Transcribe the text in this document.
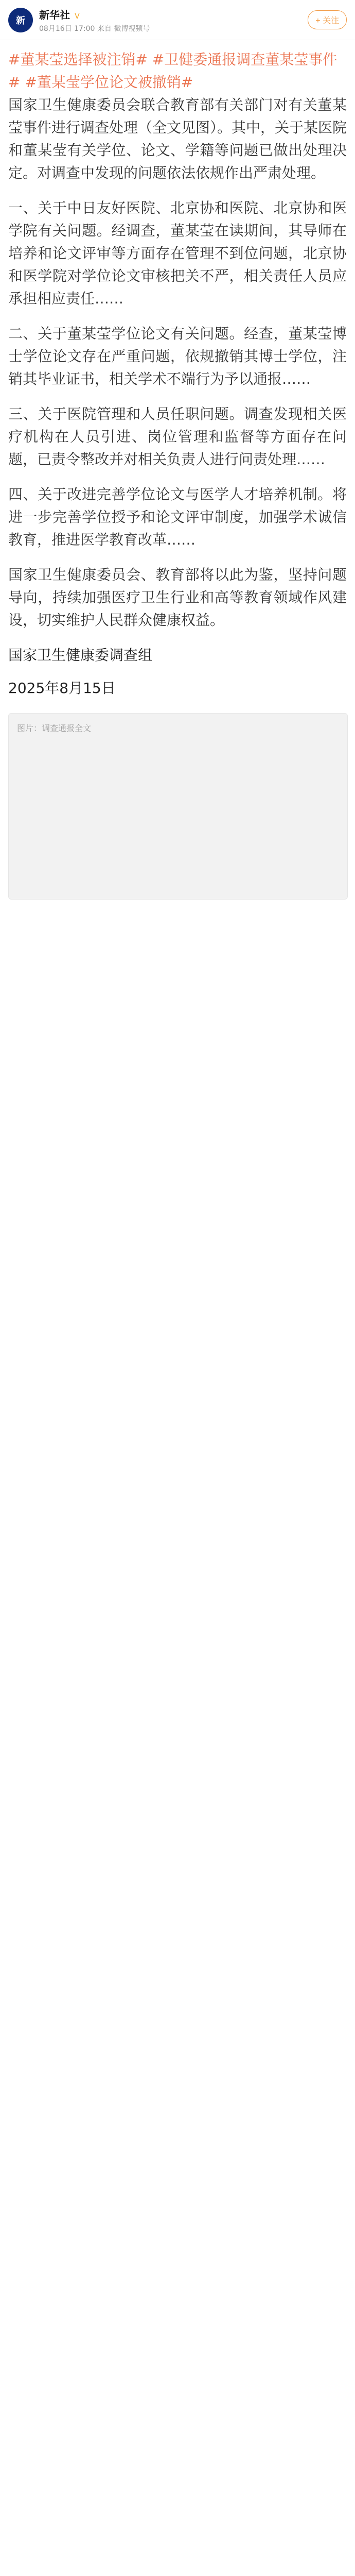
新	新华社 V
08月16日 17:00 来自 微博视频号
+ 关注
#董某莹选择被注销# #卫健委通报调查董某莹事件# #董某莹学位论文被撤销#

国家卫生健康委员会联合教育部有关部门对有关董某莹事件进行调查处理（全文见图）。其中，关于某医院和董某莹有关学位、论文、学籍等问题已做出处理决定。对调查中发现的问题依法依规作出严肃处理。

一、关于中日友好医院、北京协和医院、北京协和医学院有关问题。经调查，董某莹在读期间，其导师在培养和论文评审等方面存在管理不到位问题，北京协和医学院对学位论文审核把关不严，相关责任人员应承担相应责任……

二、关于董某莹学位论文有关问题。经查，董某莹博士学位论文存在严重问题，依规撤销其博士学位，注销其毕业证书，相关学术不端行为予以通报……

三、关于医院管理和人员任职问题。调查发现相关医疗机构在人员引进、岗位管理和监督等方面存在问题，已责令整改并对相关负责人进行问责处理……

四、关于改进完善学位论文与医学人才培养机制。将进一步完善学位授予和论文评审制度，加强学术诚信教育，推进医学教育改革……

国家卫生健康委员会、教育部将以此为鉴，坚持问题导向，持续加强医疗卫生行业和高等教育领域作风建设，切实维护人民群众健康权益。

国家卫生健康委调查组
2025年8月15日
图片：调查通报全文
